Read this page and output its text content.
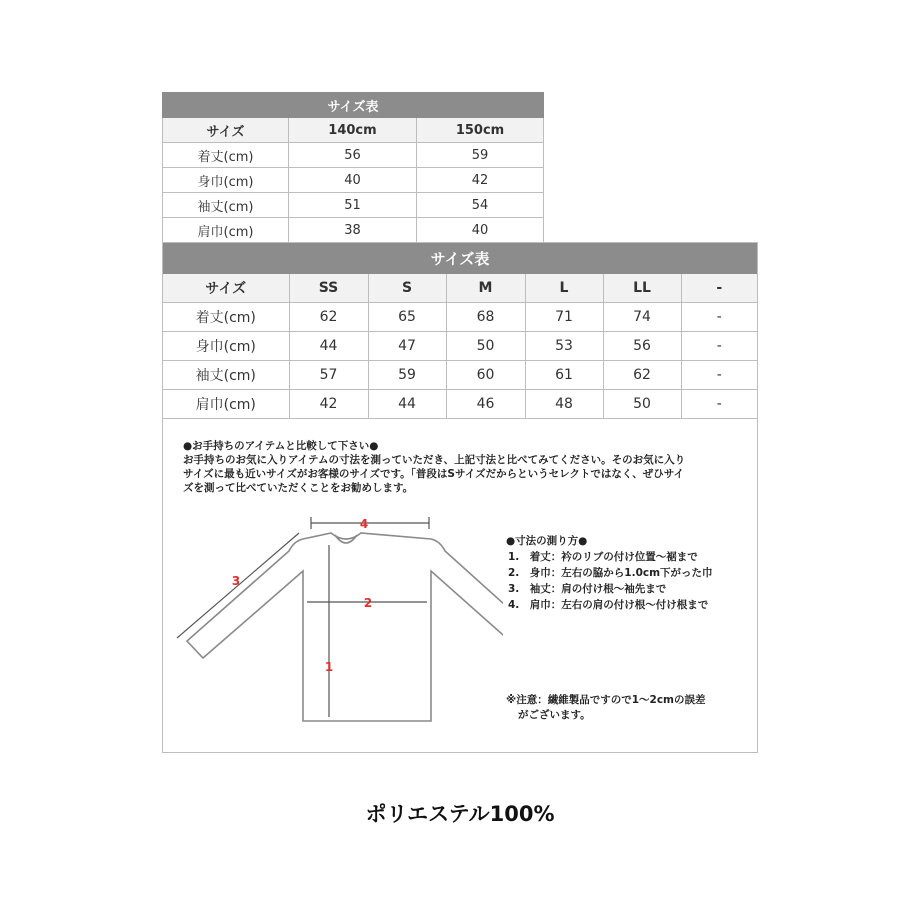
サイズ表		
サイズ	140cm	150cm
着丈(cm)	56	59
身巾(cm)	40	42
袖丈(cm)	51	54
肩巾(cm)	38	40
サイズ表						
サイズ	SS	S	M	L	LL	-
着丈(cm)	62	65	68	71	74	-
身巾(cm)	44	47	50	53	56	-
袖丈(cm)	57	59	60	61	62	-
肩巾(cm)	42	44	46	48	50	-

●お手持ちのアイテムと比較して下さい●

お手持ちのお気に入りアイテムの寸法を測っていただき、上記寸法と比べてみてください。そのお気に入り

サイズに最も近いサイズがお客様のサイズです。「普段はSサイズだからというセレクトではなく、ぜひサイ

ズを測って比べていただくことをお勧めします。

4
3
2
1

●寸法の測り方●

1.　着丈：衿のリブの付け位置～裾まで

2.　身巾：左右の脇から1.0cm下がった巾

3.　袖丈：肩の付け根～袖先まで

4.　肩巾：左右の肩の付け根～付け根まで

※注意：繊維製品ですので1～2cmの誤差

がございます。

ポリエステル100%
